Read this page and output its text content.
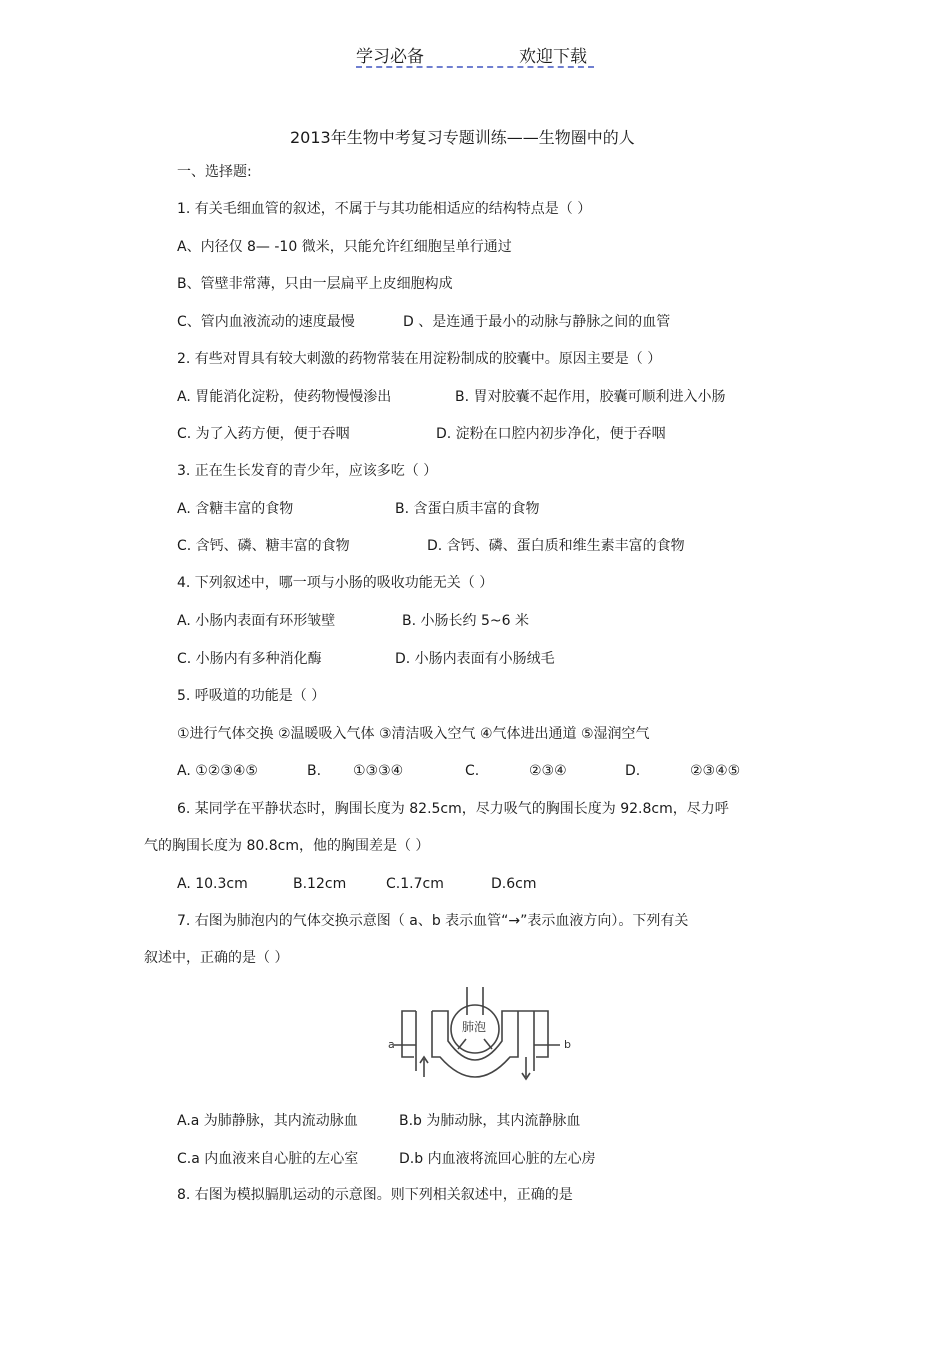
学习必备	欢迎下载
2013年生物中考复习专题训练——生物圈中的人
一、选择题:
1. 有关毛细血管的叙述，不属于与其功能相适应的结构特点是（ ）
A、内径仅 8— -10 微米，只能允许红细胞呈单行通过
B、管壁非常薄，只由一层扁平上皮细胞构成
C、管内血液流动的速度最慢	D 、是连通于最小的动脉与静脉之间的血管
2. 有些对胃具有较大刺激的药物常装在用淀粉制成的胶囊中。原因主要是（ ）
A. 胃能消化淀粉，使药物慢慢渗出	B. 胃对胶囊不起作用，胶囊可顺利进入小肠
C. 为了入药方便，便于吞咽	D. 淀粉在口腔内初步净化，便于吞咽
3. 正在生长发育的青少年，应该多吃（ ）
A. 含糖丰富的食物	B. 含蛋白质丰富的食物
C. 含钙、磷、糖丰富的食物	D. 含钙、磷、蛋白质和维生素丰富的食物
4. 下列叙述中，哪一项与小肠的吸收功能无关（ ）
A. 小肠内表面有环形皱壁	B. 小肠长约 5~6 米
C. 小肠内有多种消化酶	D. 小肠内表面有小肠绒毛
5. 呼吸道的功能是（ ）
①进行气体交换 ②温暖吸入气体 ③清洁吸入空气 ④气体进出通道 ⑤湿润空气
A. ①②③④⑤	B. ①③③④	C.	②③④	D.	②③④⑤
6. 某同学在平静状态时，胸围长度为 82.5cm，尽力吸气的胸围长度为 92.8cm，尽力呼
气的胸围长度为 80.8cm，他的胸围差是（ ）
A. 10.3cm	B.12cm	C.1.7cm	D.6cm
7. 右图为肺泡内的气体交换示意图（ a、b 表示血管“→”表示血液方向）。下列有关
叙述中，正确的是（ ）
肺泡
a	b
A.a 为肺静脉，其内流动脉血	B.b 为肺动脉，其内流静脉血
C.a 内血液来自心脏的左心室	D.b 内血液将流回心脏的左心房
8. 右图为模拟膈肌运动的示意图。则下列相关叙述中，正确的是
